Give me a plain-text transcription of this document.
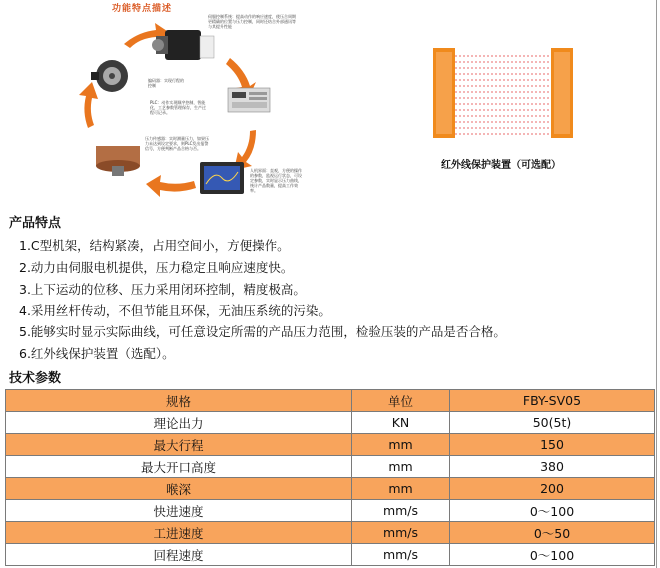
功能特点描述
伺服控制系统：提高动作的响应速度，使压合周期更精确的位置与压力控制，同时还结合外部通讯等与其提升性能
编码器：实现行程的控制
PLC：动作实现顺序控制，智能化，工艺参数管理保存，生产过程可记录。
压力传感器：实时测量压力，如果压力未达到设定要求，则PLC发出报警信号，方便判断产品合格与否。
人机界面：直观，方便的操作的参数，监视运行状态，可设定参数，实时显示压力曲线，统计产品数量，提高工作效率。
红外线保护装置（可选配）
产品特点
1.C型机架，结构紧凑，占用空间小，方便操作。
2.动力由伺服电机提供，压力稳定且响应速度快。
3.上下运动的位移、压力采用闭环控制，精度极高。
4.采用丝杆传动，不但节能且环保，无油压系统的污染。
5.能够实时显示实际曲线，可任意设定所需的产品压力范围，检验压装的产品是否合格。
6.红外线保护装置（选配）。
技术参数
规格	单位	FBY-SV05
理论出力	KN	50(5t)
最大行程	mm	150
最大开口高度	mm	380
喉深	mm	200
快进速度	mm/s	0～100
工进速度	mm/s	0～50
回程速度	mm/s	0～100
